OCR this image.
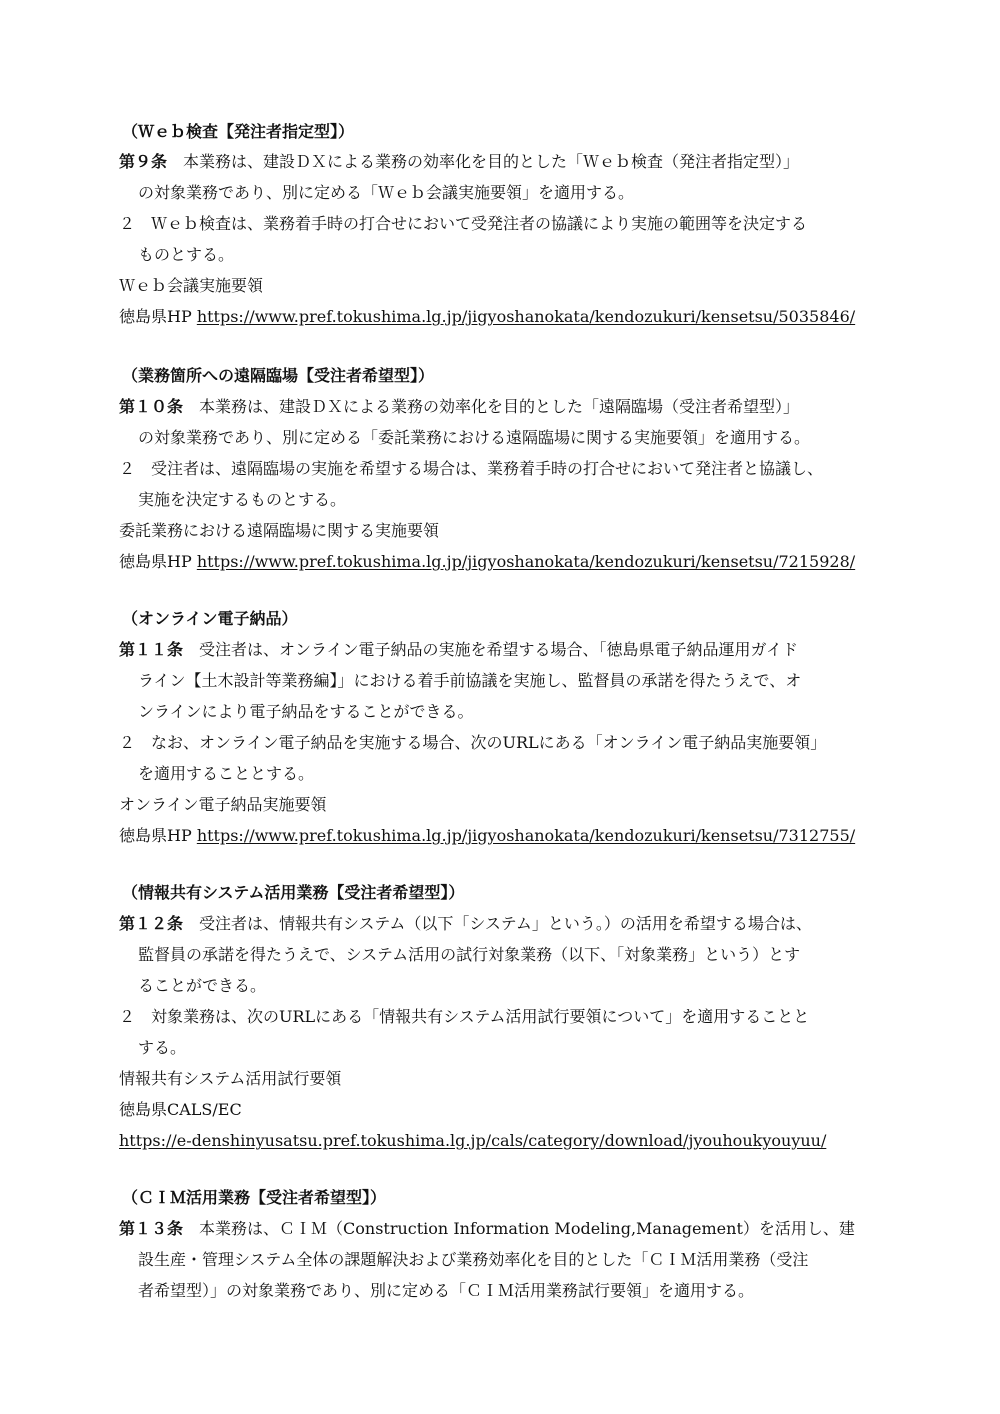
（Ｗｅｂ検査【発注者指定型】）
第９条　本業務は、建設ＤＸによる業務の効率化を目的とした「Ｗｅｂ検査（発注者指定型）」
の対象業務であり、別に定める「Ｗｅｂ会議実施要領」を適用する。
２　Ｗｅｂ検査は、業務着手時の打合せにおいて受発注者の協議により実施の範囲等を決定する
ものとする。
Ｗｅｂ会議実施要領
徳島県HP https://www.pref.tokushima.lg.jp/jigyoshanokata/kendozukuri/kensetsu/5035846/
（業務箇所への遠隔臨場【受注者希望型】）
第１０条　本業務は、建設ＤＸによる業務の効率化を目的とした「遠隔臨場（受注者希望型）」
の対象業務であり、別に定める「委託業務における遠隔臨場に関する実施要領」を適用する。
２　受注者は、遠隔臨場の実施を希望する場合は、業務着手時の打合せにおいて発注者と協議し、
実施を決定するものとする。
委託業務における遠隔臨場に関する実施要領
徳島県HP https://www.pref.tokushima.lg.jp/jigyoshanokata/kendozukuri/kensetsu/7215928/
（オンライン電子納品）
第１１条　受注者は、オンライン電子納品の実施を希望する場合、「徳島県電子納品運用ガイド
ライン【土木設計等業務編】」における着手前協議を実施し、監督員の承諾を得たうえで、オ
ンラインにより電子納品をすることができる。
２　なお、オンライン電子納品を実施する場合、次のURLにある「オンライン電子納品実施要領」
を適用することとする。
オンライン電子納品実施要領
徳島県HP https://www.pref.tokushima.lg.jp/jigyoshanokata/kendozukuri/kensetsu/7312755/
（情報共有システム活用業務【受注者希望型】）
第１２条　受注者は、情報共有システム（以下「システム」という。）の活用を希望する場合は、
監督員の承諾を得たうえで、システム活用の試行対象業務（以下、「対象業務」という）とす
ることができる。
２　対象業務は、次のURLにある「情報共有システム活用試行要領について」を適用することと
する。
情報共有システム活用試行要領
徳島県CALS/EC
https://e-denshinyusatsu.pref.tokushima.lg.jp/cals/category/download/jyouhoukyouyuu/
（ＣＩＭ活用業務【受注者希望型】）
第１３条　本業務は、ＣＩＭ（Construction Information Modeling,Management）を活用し、建
設生産・管理システム全体の課題解決および業務効率化を目的とした「ＣＩＭ活用業務（受注
者希望型）」の対象業務であり、別に定める「ＣＩＭ活用業務試行要領」を適用する。
